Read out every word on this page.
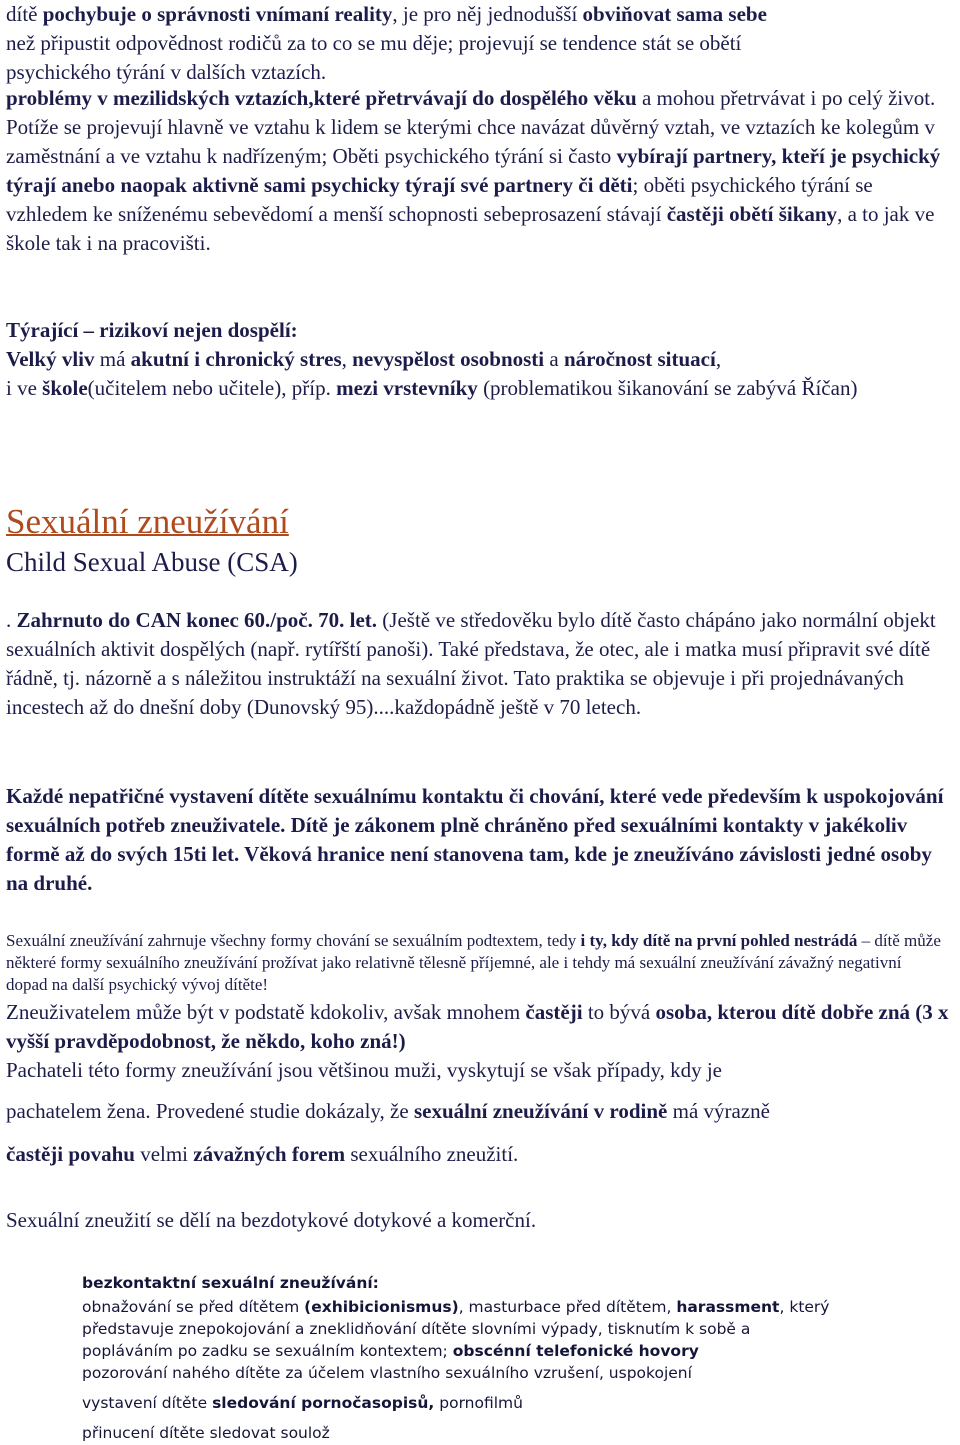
dítě pochybuje o správnosti vnímaní reality, je pro něj jednodušší obviňovat sama sebe
než připustit odpovědnost rodičů za to co se mu děje; projevují se tendence stát se obětí
psychického týrání v dalších vztazích.

problémy v mezilidských vztazích,které přetrvávají do dospělého věku a mohou přetrvávat i po celý život. Potíže se projevují hlavně ve vztahu k lidem se kterými chce navázat důvěrný vztah, ve vztazích ke kolegům v zaměstnání a ve vztahu k nadřízeným; Oběti psychického týrání si často vybírají partnery, kteří je psychický týrají anebo naopak aktivně sami psychicky týrají své partnery či děti; oběti psychického týrání se vzhledem ke sníženému sebevědomí a menší schopnosti sebeprosazení stávají častěji obětí šikany, a to jak ve škole tak i na pracovišti.

Týrající – rizikoví nejen dospělí:
Velký vliv má akutní i chronický stres, nevyspělost osobnosti a náročnost situací,
i ve škole(učitelem nebo učitele), příp. mezi vrstevníky (problematikou šikanování se zabývá Říčan)
Sexuální zneužívání
Child Sexual Abuse (CSA)

. Zahrnuto do CAN konec 60./poč. 70. let. (Ještě ve středověku bylo dítě často chápáno jako normální objekt sexuálních aktivit dospělých (např. rytířští panoši). Také představa, že otec, ale i matka musí připravit své dítě řádně, tj. názorně a s náležitou instruktáží na sexuální život. Tato praktika se objevuje i při projednávaných incestech až do dnešní doby (Dunovský 95)....každopádně ještě v 70 letech.

Každé nepatřičné vystavení dítěte sexuálnímu kontaktu či chování, které vede především k uspokojování sexuálních potřeb zneuživatele. Dítě je zákonem plně chráněno před sexuálními kontakty v jakékoliv formě až do svých 15ti let. Věková hranice není stanovena tam, kde je zneužíváno závislosti jedné osoby na druhé.

Sexuální zneužívání zahrnuje všechny formy chování se sexuálním podtextem, tedy i ty, kdy dítě na první pohled nestrádá – dítě může některé formy sexuálního zneužívání prožívat jako relativně tělesně příjemné, ale i tehdy má sexuální zneužívání závažný negativní dopad na další psychický vývoj dítěte!

Zneuživatelem může být v podstatě kdokoliv, avšak mnohem častěji to bývá osoba, kterou dítě dobře zná (3 x vyšší pravděpodobnost, že někdo, koho zná!)
Pachateli této formy zneužívání jsou většinou muži, vyskytují se však případy, kdy je

pachatelem žena. Provedené studie dokázaly, že sexuální zneužívání v rodině má výrazně
častěji povahu velmi závažných forem sexuálního zneužití.

Sexuální zneužití se dělí na bezdotykové dotykové a komerční.

bezkontaktní sexuální zneužívání:
obnažování se před dítětem (exhibicionismus), masturbace před dítětem, harassment, který
představuje znepokojování a zneklidňování dítěte slovními výpady, tisknutím k sobě a
popláváním po zadku se sexuálním kontextem; obscénní telefonické hovory
pozorování nahého dítěte za účelem vlastního sexuálního vzrušení, uspokojení
vystavení dítěte sledování pornočasopisů, pornofilmů
přinucení dítěte sledovat soulož
